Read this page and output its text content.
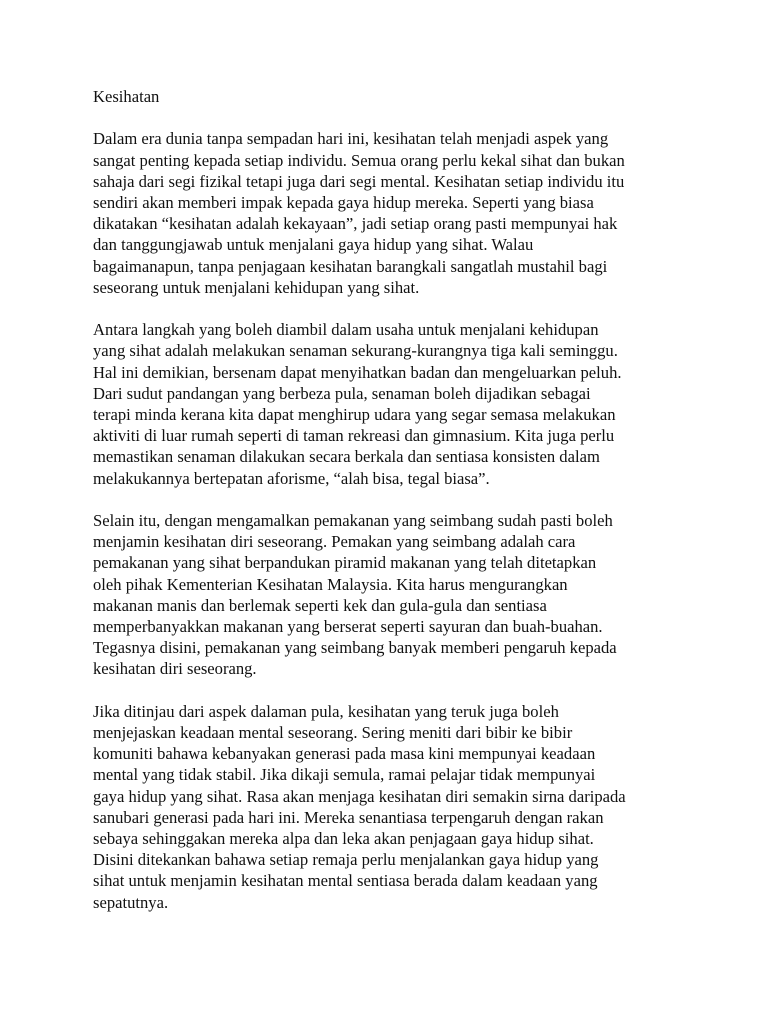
Kesihatan
Dalam era dunia tanpa sempadan hari ini, kesihatan telah menjadi aspek yang
sangat penting kepada setiap individu. Semua orang perlu kekal sihat dan bukan
sahaja dari segi fizikal tetapi juga dari segi mental. Kesihatan setiap individu itu
sendiri akan memberi impak kepada gaya hidup mereka. Seperti yang biasa
dikatakan “kesihatan adalah kekayaan”, jadi setiap orang pasti mempunyai hak
dan tanggungjawab untuk menjalani gaya hidup yang sihat. Walau
bagaimanapun, tanpa penjagaan kesihatan barangkali sangatlah mustahil bagi
seseorang untuk menjalani kehidupan yang sihat.
Antara langkah yang boleh diambil dalam usaha untuk menjalani kehidupan
yang sihat adalah melakukan senaman sekurang-kurangnya tiga kali seminggu.
Hal ini demikian, bersenam dapat menyihatkan badan dan mengeluarkan peluh.
Dari sudut pandangan yang berbeza pula, senaman boleh dijadikan sebagai
terapi minda kerana kita dapat menghirup udara yang segar semasa melakukan
aktiviti di luar rumah seperti di taman rekreasi dan gimnasium. Kita juga perlu
memastikan senaman dilakukan secara berkala dan sentiasa konsisten dalam
melakukannya bertepatan aforisme, “alah bisa, tegal biasa”.
Selain itu, dengan mengamalkan pemakanan yang seimbang sudah pasti boleh
menjamin kesihatan diri seseorang. Pemakan yang seimbang adalah cara
pemakanan yang sihat berpandukan piramid makanan yang telah ditetapkan
oleh pihak Kementerian Kesihatan Malaysia. Kita harus mengurangkan
makanan manis dan berlemak seperti kek dan gula-gula dan sentiasa
memperbanyakkan makanan yang berserat seperti sayuran dan buah-buahan.
Tegasnya disini, pemakanan yang seimbang banyak memberi pengaruh kepada
kesihatan diri seseorang.
Jika ditinjau dari aspek dalaman pula, kesihatan yang teruk juga boleh
menjejaskan keadaan mental seseorang. Sering meniti dari bibir ke bibir
komuniti bahawa kebanyakan generasi pada masa kini mempunyai keadaan
mental yang tidak stabil. Jika dikaji semula, ramai pelajar tidak mempunyai
gaya hidup yang sihat. Rasa akan menjaga kesihatan diri semakin sirna daripada
sanubari generasi pada hari ini. Mereka senantiasa terpengaruh dengan rakan
sebaya sehinggakan mereka alpa dan leka akan penjagaan gaya hidup sihat.
Disini ditekankan bahawa setiap remaja perlu menjalankan gaya hidup yang
sihat untuk menjamin kesihatan mental sentiasa berada dalam keadaan yang
sepatutnya.
